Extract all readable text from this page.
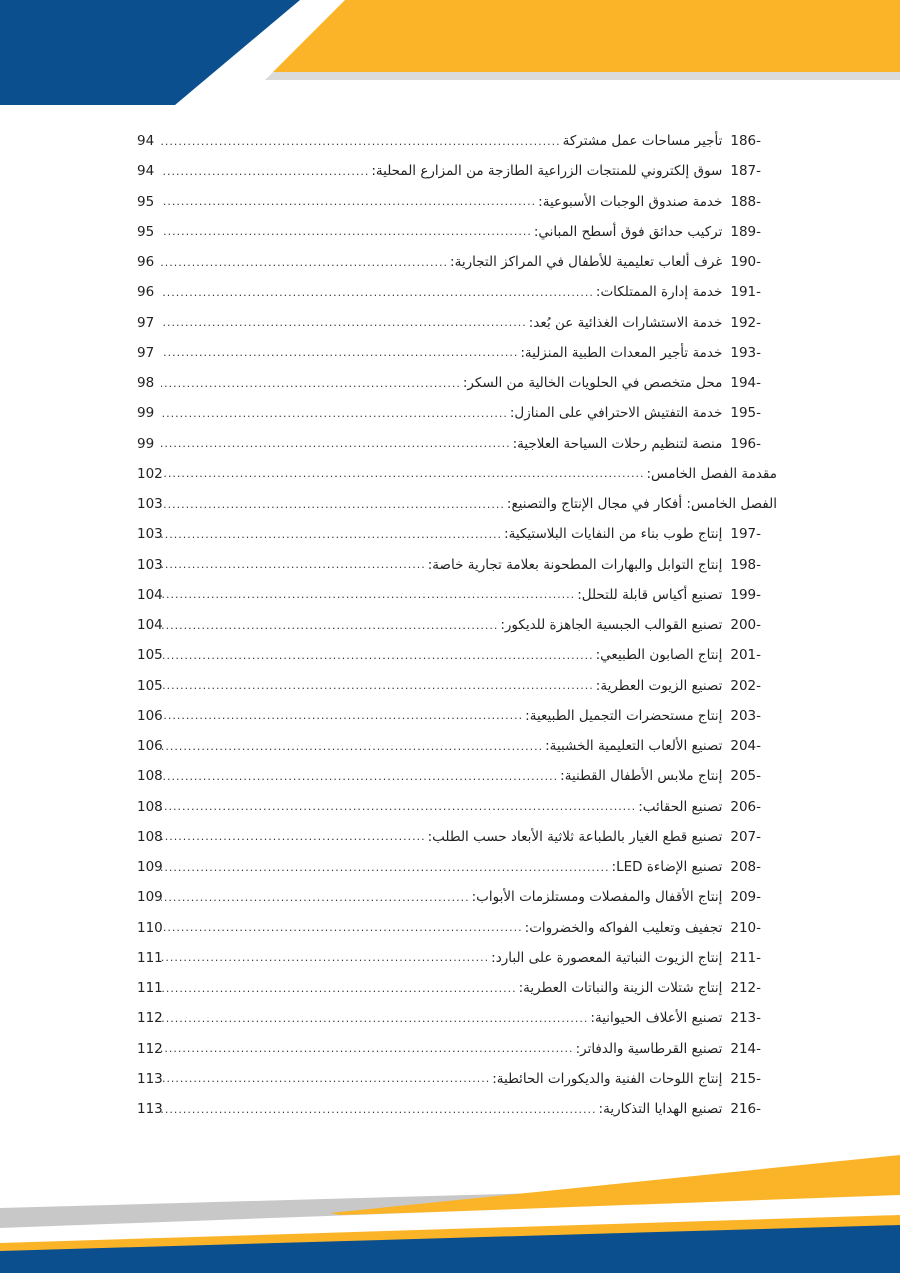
186-
تأجير مساحات عمل مشتركة
.....
94
187-
سوق إلكتروني للمنتجات الزراعية الطازجة من المزارع المحلية:
.....
94
188-
خدمة صندوق الوجبات الأسبوعية:
.....
95
189-
تركيب حدائق فوق أسطح المباني:
.....
95
190-
غرف ألعاب تعليمية للأطفال في المراكز التجارية:
.....
96
191-
خدمة إدارة الممتلكات:
.....
96
192-
خدمة الاستشارات الغذائية عن بُعد:
.....
97
193-
خدمة تأجير المعدات الطبية المنزلية:
.....
97
194-
محل متخصص في الحلويات الخالية من السكر:
.....
98
195-
خدمة التفتيش الاحترافي على المنازل:
.....
99
196-
منصة لتنظيم رحلات السياحة العلاجية:
.....
99
مقدمة الفصل الخامس:
.....
102
الفصل الخامس: أفكار في مجال الإنتاج والتصنيع:
.....
103
197-
إنتاج طوب بناء من النفايات البلاستيكية:
.....
103
198-
إنتاج التوابل والبهارات المطحونة بعلامة تجارية خاصة:
.....
103
199-
تصنيع أكياس قابلة للتحلل:
.....
104
200-
تصنيع القوالب الجبسية الجاهزة للديكور:
.....
104
201-
إنتاج الصابون الطبيعي:
.....
105
202-
تصنيع الزيوت العطرية:
.....
105
203-
إنتاج مستحضرات التجميل الطبيعية:
.....
106
204-
تصنيع الألعاب التعليمية الخشبية:
.....
106
205-
إنتاج ملابس الأطفال القطنية:
.....
108
206-
تصنيع الحقائب:
.....
108
207-
تصنيع قطع الغيار بالطباعة ثلاثية الأبعاد حسب الطلب:
.....
108
208-
تصنيع الإضاءة LED:
.....
109
209-
إنتاج الأقفال والمفصلات ومستلزمات الأبواب:
.....
109
210-
تجفيف وتعليب الفواكه والخضروات:
.....
110
211-
إنتاج الزيوت النباتية المعصورة على البارد:
.....
111
212-
إنتاج شتلات الزينة والنباتات العطرية:
.....
111
213-
تصنيع الأعلاف الحيوانية:
.....
112
214-
تصنيع القرطاسية والدفاتر:
.....
112
215-
إنتاج اللوحات الفنية والديكورات الحائطية:
.....
113
216-
تصنيع الهدايا التذكارية:
.....
113
